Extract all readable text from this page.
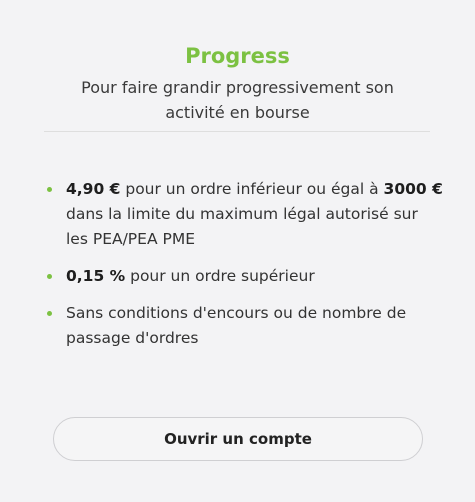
Progress
Pour faire grandir progressivement son activité en bourse
4,90 € pour un ordre inférieur ou égal à 3000 € dans la limite du maximum légal autorisé sur les PEA/PEA PME
0,15 % pour un ordre supérieur
Sans conditions d'encours ou de nombre de passage d'ordres
Ouvrir un compte
